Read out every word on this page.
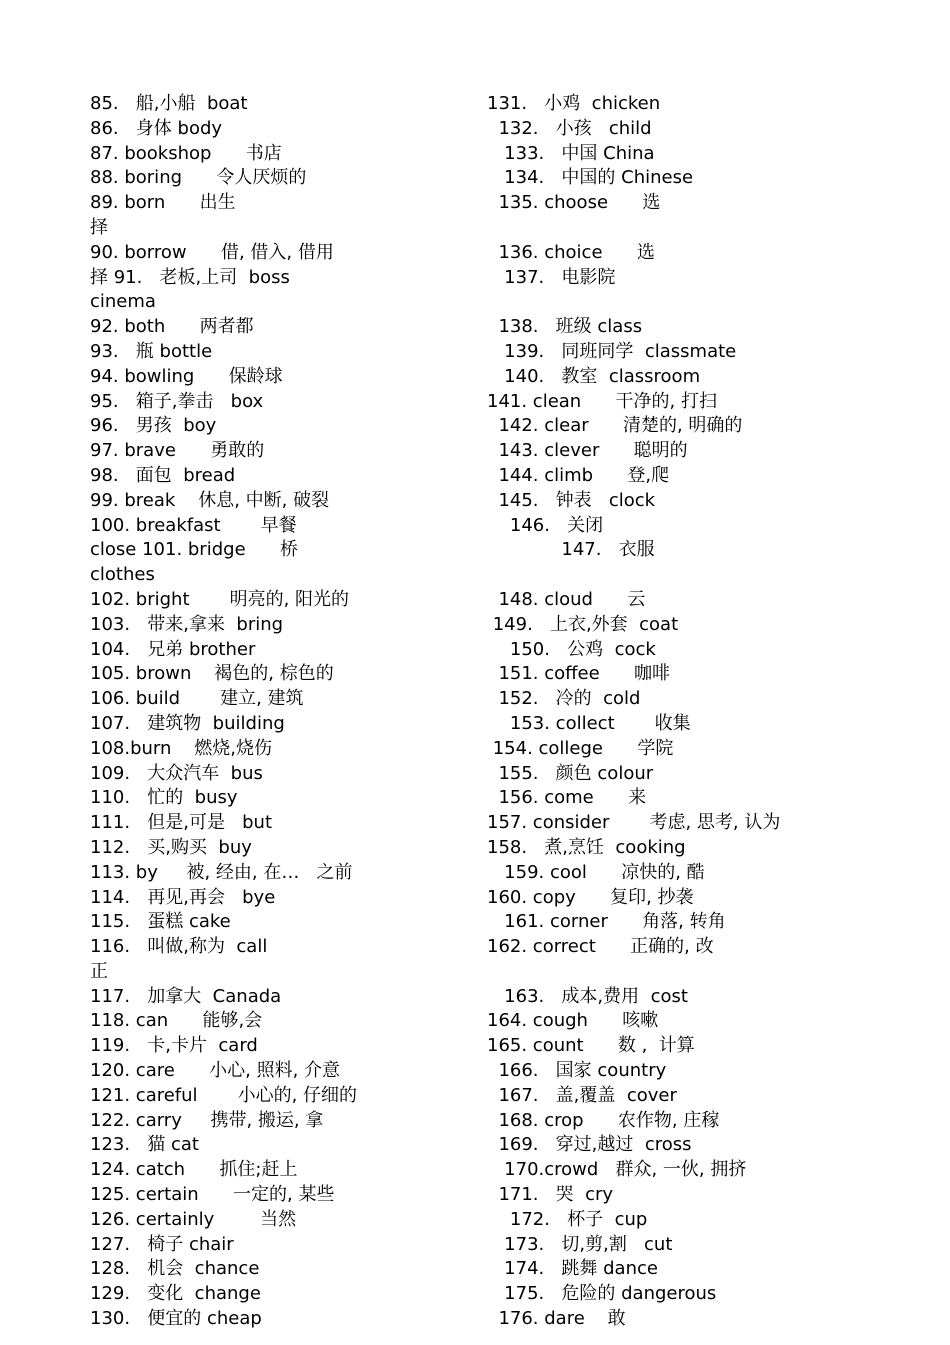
85.   船,小船  boat
86.   身体 body
87. bookshop      书店
88. boring      令人厌烦的
89. born      出生
择
90. borrow      借, 借入, 借用
择 91.   老板,上司  boss
cinema
92. both      两者都
93.   瓶 bottle
94. bowling      保龄球
95.   箱子,拳击   box
96.   男孩  boy
97. brave      勇敢的
98.   面包  bread
99. break    休息, 中断, 破裂
100. breakfast       早餐
close 101. bridge      桥
clothes
102. bright       明亮的, 阳光的
103.   带来,拿来  bring
104.   兄弟 brother
105. brown    褐色的, 棕色的
106. build       建立, 建筑
107.   建筑物  building
108.burn    燃烧,烧伤
109.   大众汽车  bus
110.   忙的  busy
111.   但是,可是   but
112.   买,购买  buy
113. by     被, 经由, 在…   之前
114.   再见,再会   bye
115.   蛋糕 cake
116.   叫做,称为  call
正
117.   加拿大  Canada
118. can      能够,会
119.   卡,卡片  card
120. care      小心, 照料, 介意
121. careful       小心的, 仔细的
122. carry     携带, 搬运, 拿
123.   猫 cat
124. catch      抓住;赶上
125. certain      一定的, 某些
126. certainly        当然
127.   椅子 chair
128.   机会  chance
129.   变化  change
130.   便宜的 cheap
131.   小鸡  chicken
132.   小孩   child
133.   中国 China
134.   中国的 Chinese
135. choose      选
136. choice      选
137.   电影院
138.   班级 class
139.   同班同学  classmate
140.   教室  classroom
141. clean      干净的, 打扫
142. clear      清楚的, 明确的
143. clever      聪明的
144. climb      登,爬
145.   钟表   clock
146.   关闭
147.   衣服
148. cloud      云
149.   上衣,外套  coat
150.   公鸡  cock
151. coffee      咖啡
152.   冷的  cold
153. collect       收集
154. college      学院
155.   颜色 colour
156. come      来
157. consider       考虑, 思考, 认为
158.   煮,烹饪  cooking
159. cool      凉快的, 酷
160. copy      复印, 抄袭
161. corner      角落, 转角
162. correct      正确的, 改
163.   成本,费用  cost
164. cough      咳嗽
165. count      数 ,  计算
166.   国家 country
167.   盖,覆盖  cover
168. crop      农作物, 庄稼
169.   穿过,越过  cross
170.crowd   群众, 一伙, 拥挤
171.   哭  cry
172.   杯子  cup
173.   切,剪,割   cut
174.   跳舞 dance
175.   危险的 dangerous
176. dare    敢
